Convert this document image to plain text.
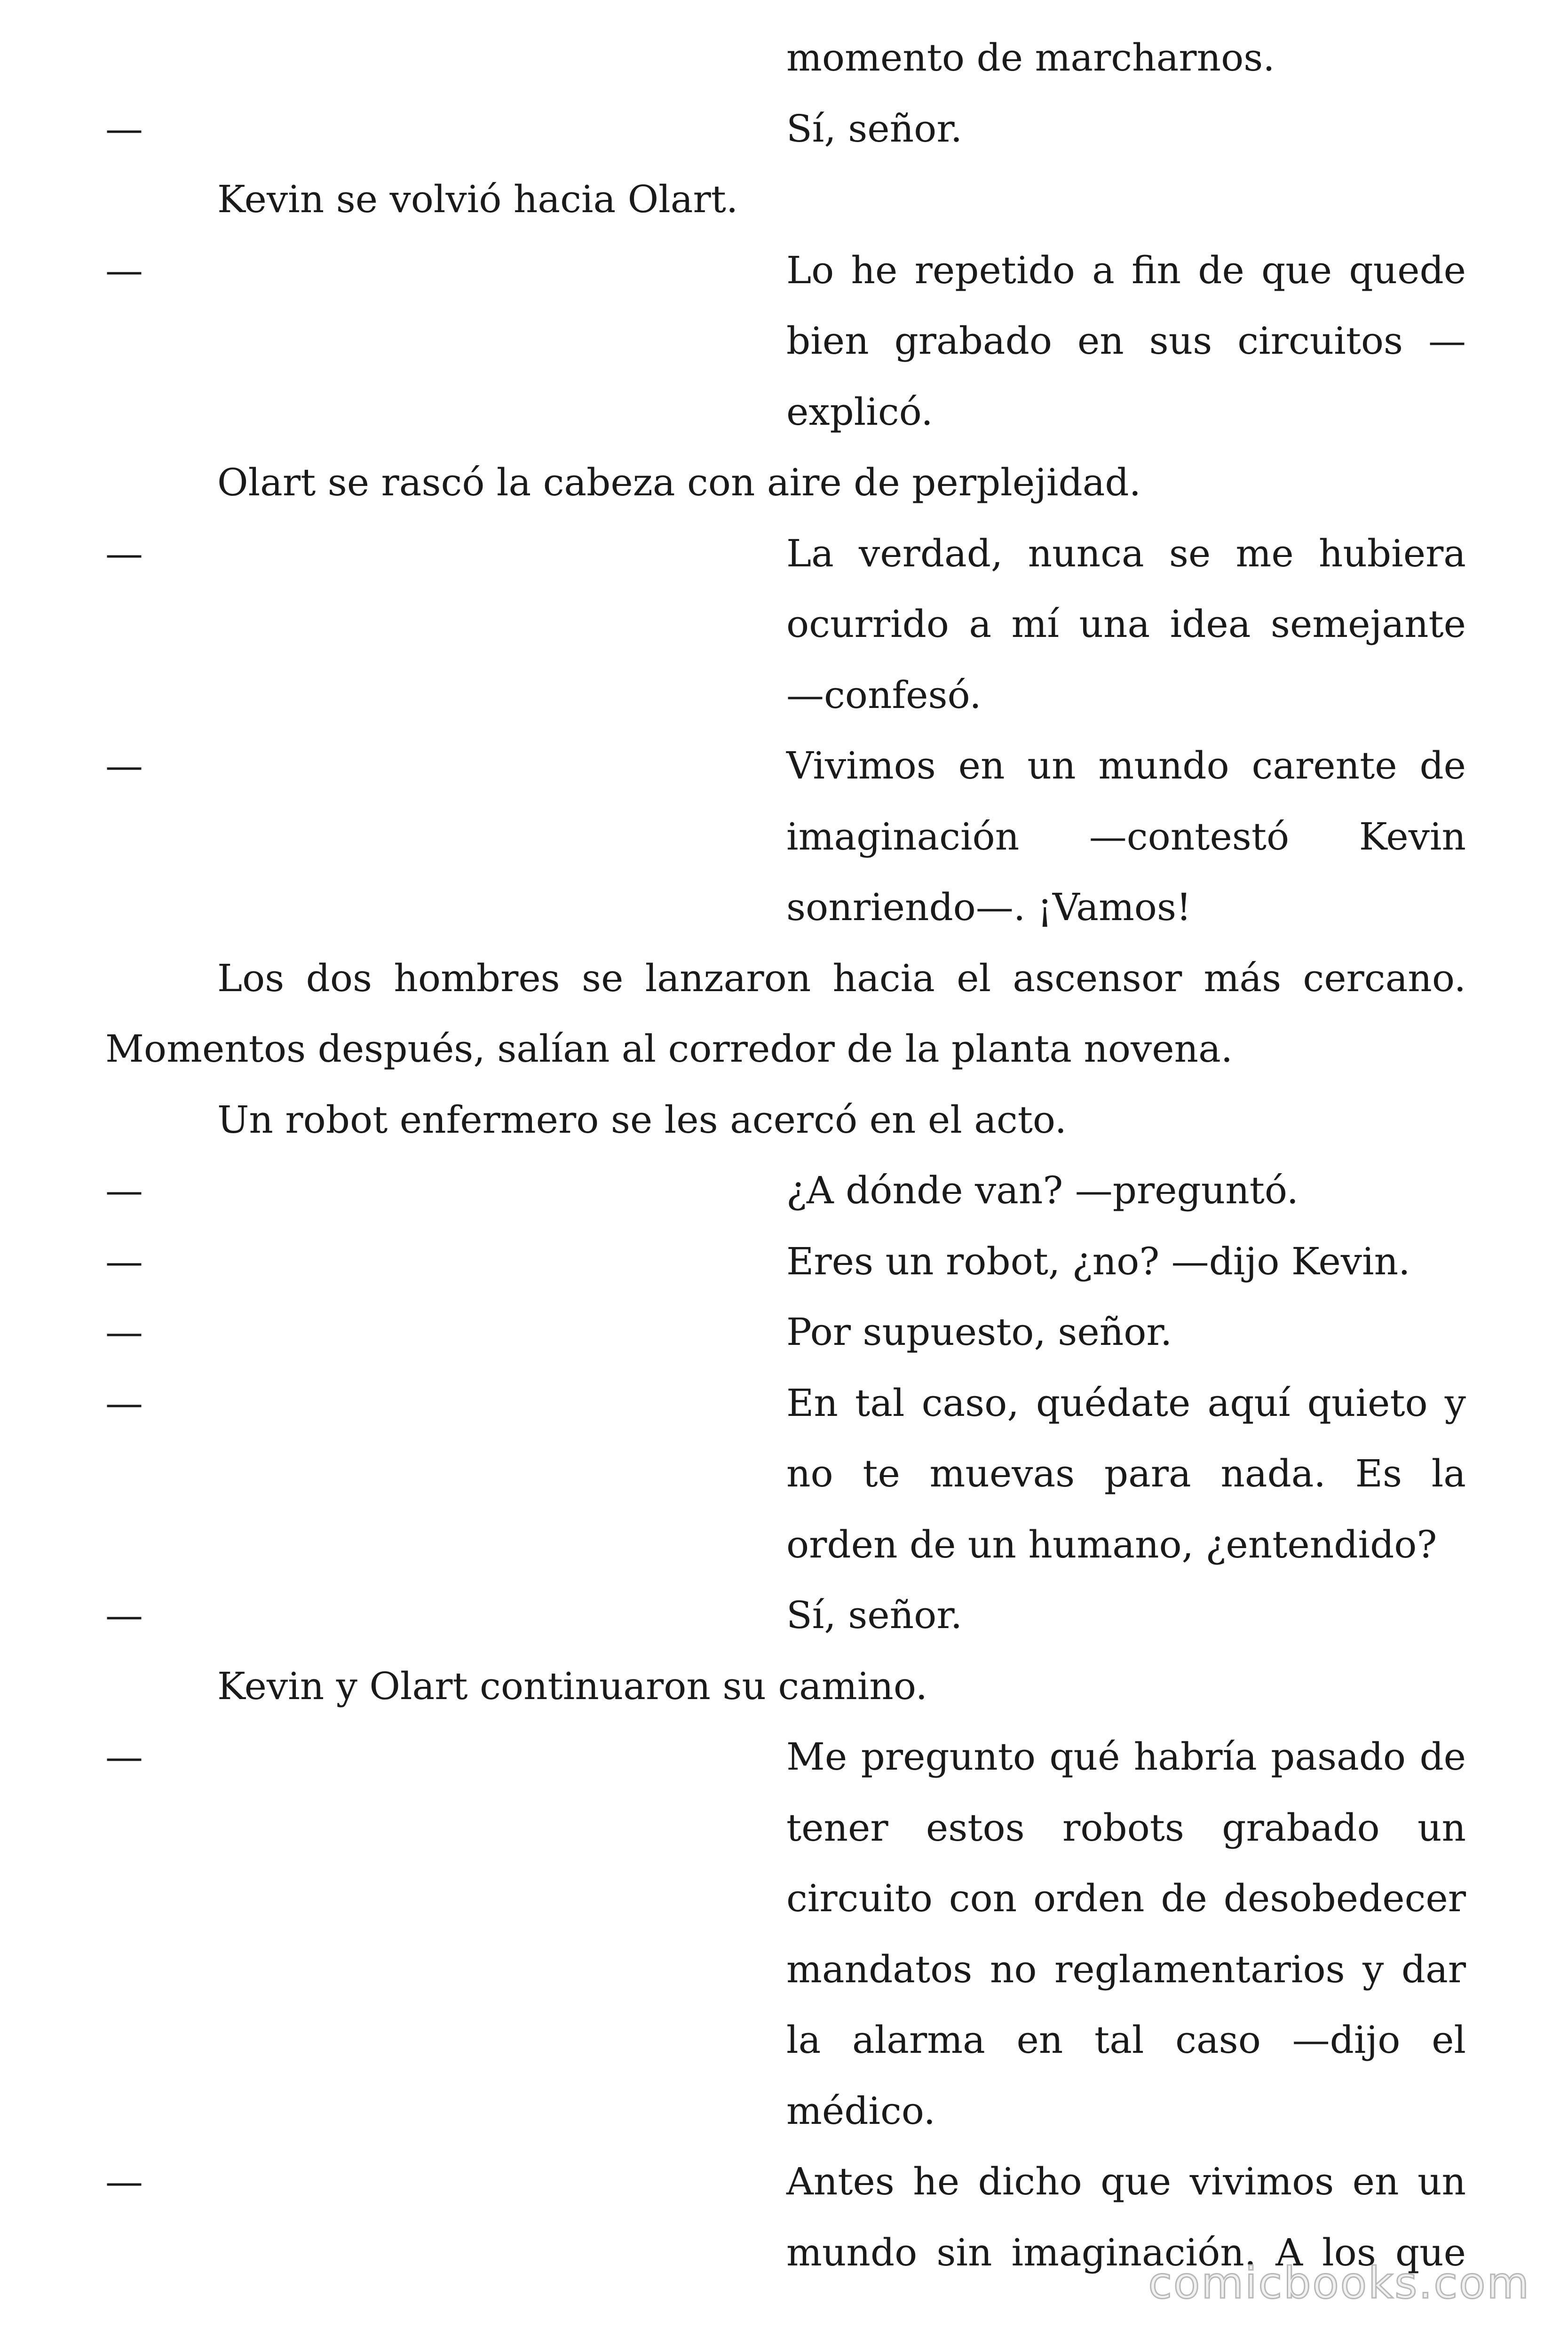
momento de marcharnos.
—	Sí, señor.
Kevin se volvió hacia Olart.
—	Lo he repetido a fin de que quede
bien grabado en sus circuitos —
explicó.
Olart se rascó la cabeza con aire de perplejidad.
—	La verdad, nunca se me hubiera
ocurrido a mí una idea semejante
—confesó.
—	Vivimos en un mundo carente de
imaginación —contestó Kevin
sonriendo—. ¡Vamos!
Los dos hombres se lanzaron hacia el ascensor más cercano.
Momentos después, salían al corredor de la planta novena.
Un robot enfermero se les acercó en el acto.
—	¿A dónde van? —preguntó.
—	Eres un robot, ¿no? —dijo Kevin.
—	Por supuesto, señor.
—	En tal caso, quédate aquí quieto y
no te muevas para nada. Es la
orden de un humano, ¿entendido?
—	Sí, señor.
Kevin y Olart continuaron su camino.
—	Me pregunto qué habría pasado de
tener estos robots grabado un
circuito con orden de desobedecer
mandatos no reglamentarios y dar
la alarma en tal caso —dijo el
médico.
—	Antes he dicho que vivimos en un
mundo sin imaginación. A los que
comicbooks.com
